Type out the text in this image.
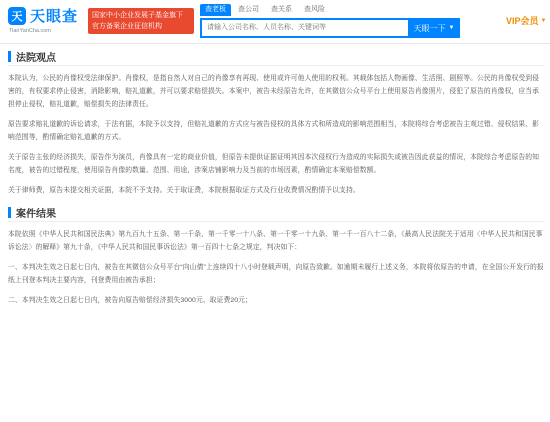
天 天眼查
TianYanCha.com
国家中小企业发展子基金旗下
官方备案企业征信机构
查老板	查公司	查关系	查风险
请输入公司名称、人员名称、关键词等
天眼一下 ▼
VIP会员 ▼
法院观点

本院认为，公民的肖像权受法律保护。肖像权，是指自然人对自己的肖像享有再现、使用或许可他人使用的权利。其载体包括人物画像、生活照、剧照等。公民的肖像权受到侵害的，有权要求停止侵害，消除影响，赔礼道歉，并可以要求赔偿损失。本案中，被告未经原告允许，在其微信公众号平台上使用原告肖像照片，侵犯了原告的肖像权，应当承担停止侵权，赔礼道歉，赔偿损失的法律责任。

原告要求赔礼道歉的诉讼请求，于法有据，本院予以支持，但赔礼道歉的方式应与被告侵权的具体方式和所造成的影响范围相当，本院将综合考虑被告主观过错、侵权结果、影响范围等，酌情确定赔礼道歉的方式。

关于原告主张的经济损失，原告作为演员，肖像具有一定的商业价值，但原告未提供证据证明其因本次侵权行为造成的实际损失或被告因此获益的情况，本院综合考虑原告的知名度，被告的过错程度，使用原告肖像的数量、范围、用途，涉案店铺影响力及当前的市场因素，酌情确定本案赔偿数额。

关于律师费，原告未提交相关证据，本院不予支持。关于取证费，本院根据取证方式及行业收费情况酌情予以支持。

案件结果

本院依照《中华人民共和国民法典》第九百九十五条、第一千条、第一千零一十八条、第一千零一十九条、第一千一百八十二条，《最高人民法院关于适用〈中华人民共和国民事诉讼法〉的解释》第九十条，《中华人民共和国民事诉讼法》第一百四十七条之规定，判决如下：

一、本判决生效之日起七日内，被告在其微信公众号平台“向山倩”上连续四十八小时登载声明，向原告致歉。如逾期未履行上述义务，本院将依原告的申请，在全国公开发行的报纸上刊登本判决主要内容，刊登费用由被告承担；

二、本判决生效之日起七日内，被告向原告赔偿经济损失3000元、取证费20元；
